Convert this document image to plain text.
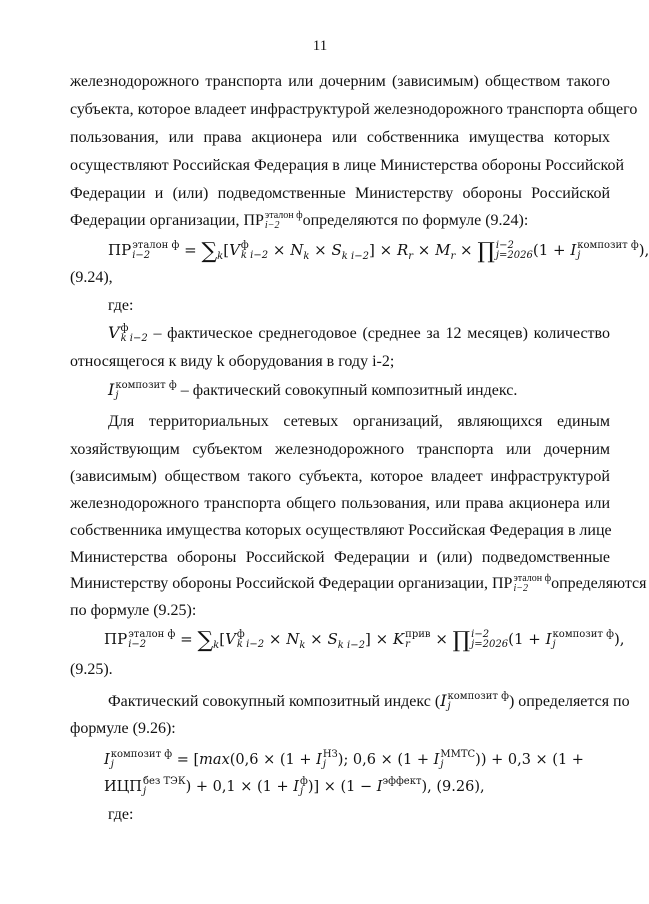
11
железнодорожного транспорта или дочерним (зависимым) обществом такого
субъекта, которое владеет инфраструктурой железнодорожного транспорта общего
пользования, или права акционера или собственника имущества которых
осуществляют Российская Федерация в лице Министерства обороны Российской
Федерации и (или) подведомственные Министерству обороны Российской
Федерации организации, ПР эталон ф
i−2	определяются по формуле (9.24):
ПР эталон ф
i−2	= $\sum_k[V$ ф
k $i-2 \times N_k \times S_{k i-2}] \times R_r \times M_r$ × ∏ i−2
j=2026 (1 + I композит ф
j	),
(9.24),
где:
V ф
k i−2 – фактическое среднегодовое (среднее за 12 месяцев) количество
относящегося к виду k оборудования в году i-2;
I композит ф
j	– фактический совокупный композитный индекс.
Для территориальных сетевых организаций, являющихся единым
хозяйствующим субъектом железнодорожного транспорта или дочерним
(зависимым) обществом такого субъекта, которое владеет инфраструктурой
железнодорожного транспорта общего пользования, или права акционера или
собственника имущества которых осуществляют Российская Федерация в лице
Министерства обороны Российской Федерации и (или) подведомственные
Министерству обороны Российской Федерации организации, ПР эталон ф
i−2	определяются
по формуле (9.25):
ПР эталон ф
i−2	= $\sum_k[V$ ф
k $i-2 \times N_k \times S_{k i-2}] \times K$ прив
r	× ∏ i−2
j=2026 (1 + I композит ф
j	),
(9.25).
Фактический совокупный композитный индекс (I композит ф
j	) определяется по
формуле (9.26):
I композит ф
j	= [max(0,6 × (1 + I НЗ
j ); 0,6 × (1 + I ММТС
j	)) + 0,3 × (1 +
ИЦП без ТЭК
j	) + 0,1 × (1 + I ф
j )] × $(1 - I^{эффект})$, (9.26),
где:
